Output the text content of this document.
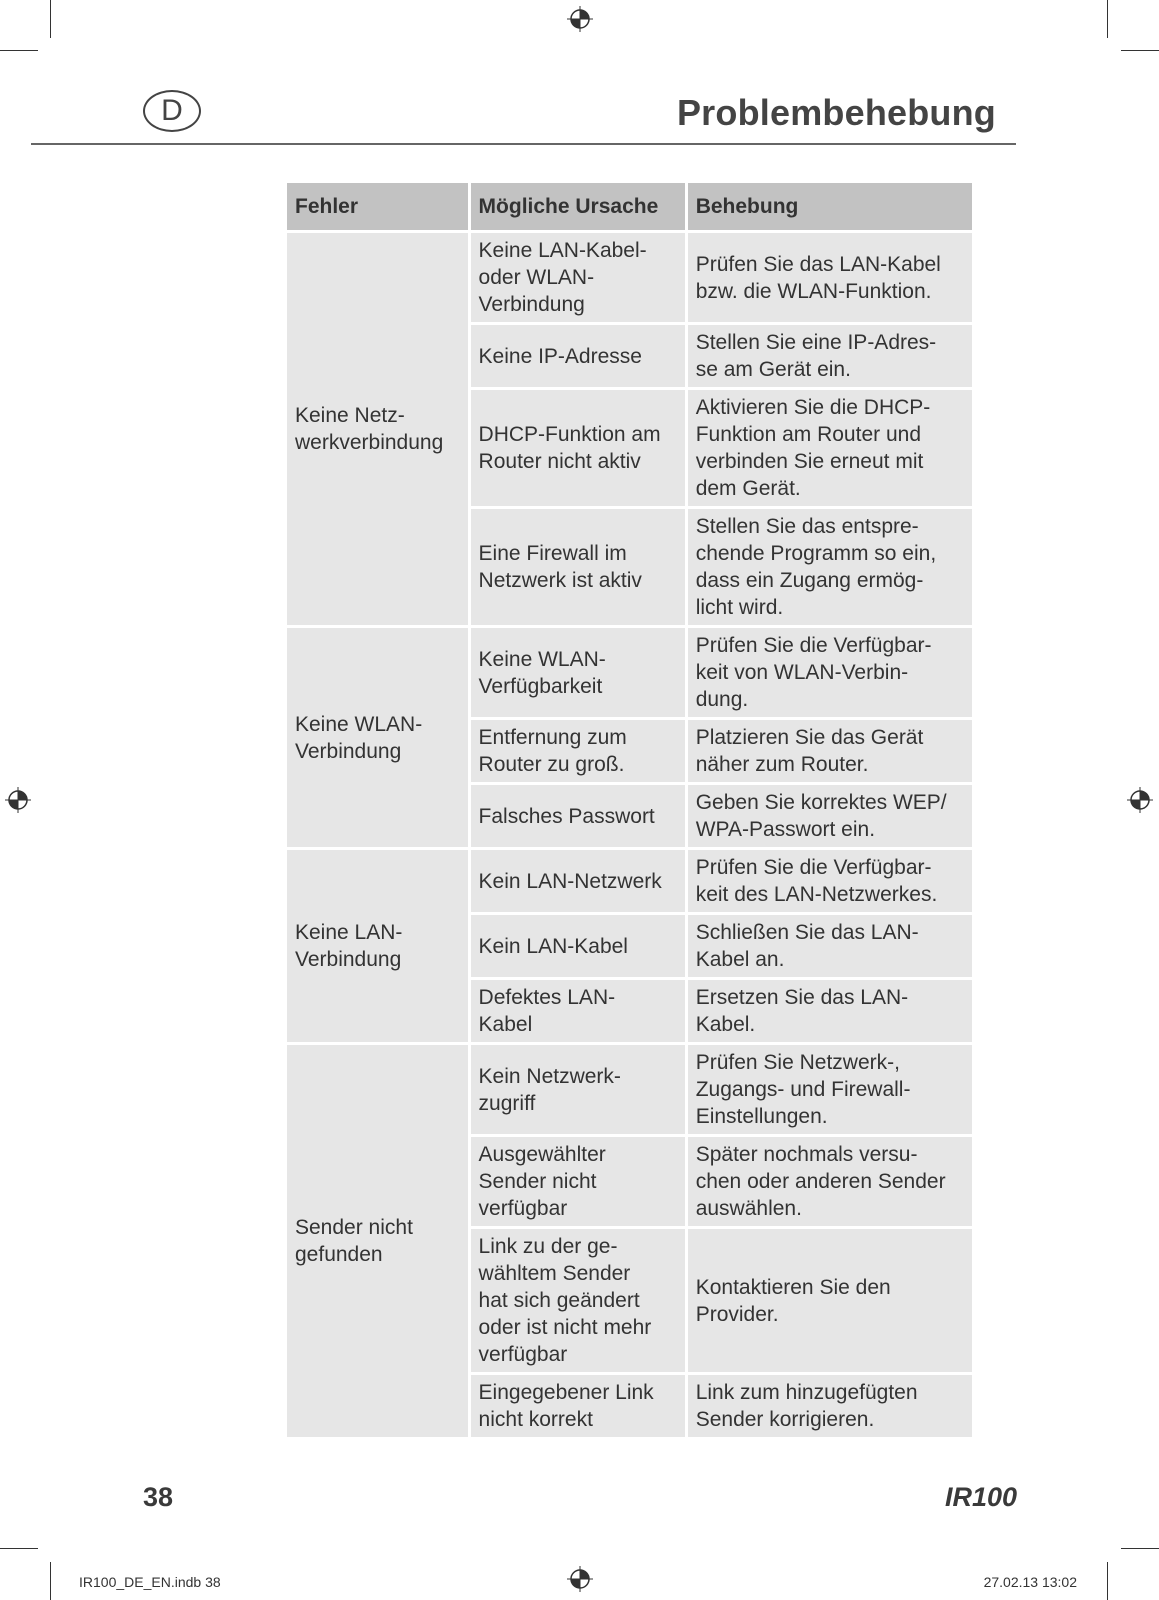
D	Problembehebung
Fehler	Mögliche Ursache	Behebung
Keine Netz-
werkverbindung	Keine LAN-Kabel-
oder WLAN-
Verbindung	Prüfen Sie das LAN-Kabel
bzw. die WLAN-Funktion.
	Keine IP-Adresse	Stellen Sie eine IP-Adres-
se am Gerät ein.
	DHCP-Funktion am
Router nicht aktiv	Aktivieren Sie die DHCP-
Funktion am Router und
verbinden Sie erneut mit
dem Gerät.
	Eine Firewall im
Netzwerk ist aktiv	Stellen Sie das entspre-
chende Programm so ein,
dass ein Zugang ermög-
licht wird.
Keine WLAN-
Verbindung	Keine WLAN-
Verfügbarkeit	Prüfen Sie die Verfügbar-
keit von WLAN-Verbin-
dung.
	Entfernung zum
Router zu groß.	Platzieren Sie das Gerät
näher zum Router.
	Falsches Passwort	Geben Sie korrektes WEP/
WPA-Passwort ein.
Keine LAN-
Verbindung	Kein LAN-Netzwerk	Prüfen Sie die Verfügbar-
keit des LAN-Netzwerkes.
	Kein LAN-Kabel	Schließen Sie das LAN-
Kabel an.
	Defektes LAN-
Kabel	Ersetzen Sie das LAN-
Kabel.
Sender nicht
gefunden	Kein Netzwerk-
zugriff	Prüfen Sie Netzwerk-,
Zugangs- und Firewall-
Einstellungen.
	Ausgewählter
Sender nicht
verfügbar	Später nochmals versu-
chen oder anderen Sender
auswählen.
	Link zu der ge-
wähltem Sender
hat sich geändert
oder ist nicht mehr
verfügbar	Kontaktieren Sie den
Provider.
	Eingegebener Link
nicht korrekt	Link zum hinzugefügten
Sender korrigieren.
38	IR100
IR100_DE_EN.indb 38	27.02.13 13:02
